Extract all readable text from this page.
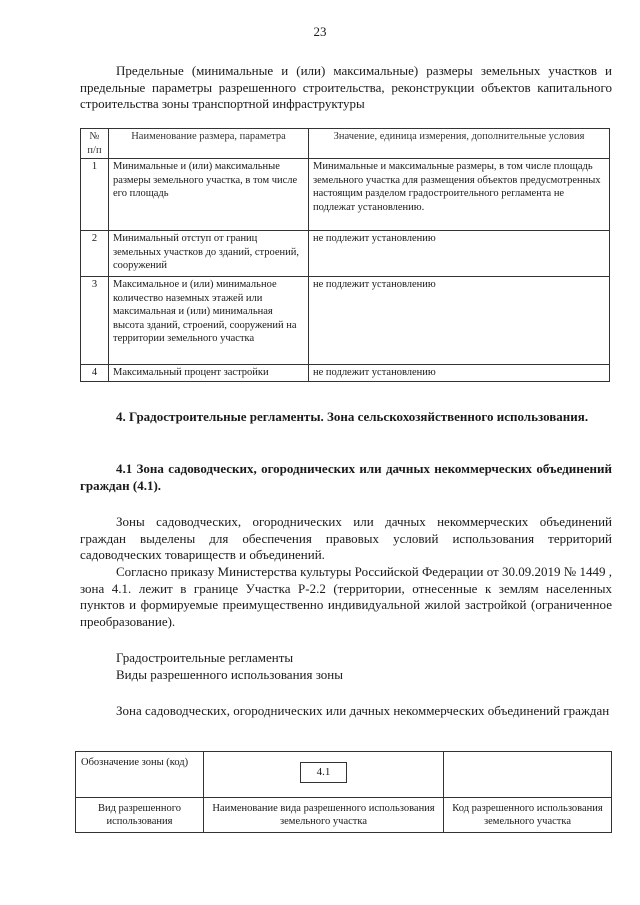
23
Предельные (минимальные и (или) максимальные) размеры земельных участков и предельные параметры разрешенного строительства, реконструкции объектов капитального строительства зоны транспортной инфраструктуры
№ п/п	Наименование размера, параметра	Значение, единица измерения, дополнительные условия
1	Минимальные и (или) максимальные размеры земельного участка, в том числе его площадь	Минимальные и максимальные размеры, в том числе площадь земельного участка для размещения объектов предусмотренных настоящим разделом градостроительного регламента не подлежат установлению.
2	Минимальный отступ от границ земельных участков до зданий, строений, сооружений	не подлежит установлению
3	Максимальное и (или) минимальное количество наземных этажей или максимальная и (или) минимальная высота зданий, строений, сооружений на территории земельного участка	не подлежит установлению
4	Максимальный процент застройки	не подлежит установлению
4. Градостроительные регламенты. Зона сельскохозяйственного использования.
4.1 Зона садоводческих, огороднических или дачных некоммерческих объединений граждан (4.1).
Зоны садоводческих, огороднических или дачных некоммерческих объединений граждан выделены для обеспечения правовых условий использования территорий садоводческих товариществ и объединений.
Согласно приказу Министерства культуры Российской Федерации от 30.09.2019 № 1449 , зона 4.1. лежит в границе Участка Р-2.2 (территории, отнесенные к землям населенных пунктов и формируемые преимущественно индивидуальной жилой застройкой (ограниченное преобразование).
Градостроительные регламенты
Виды разрешенного использования зоны
Зона садоводческих, огороднических или дачных некоммерческих объединений граждан
Обозначение зоны (код)	4.1	
Вид разрешенного использования	Наименование вида разрешенного использования земельного участка	Код разрешенного использования земельного участка
